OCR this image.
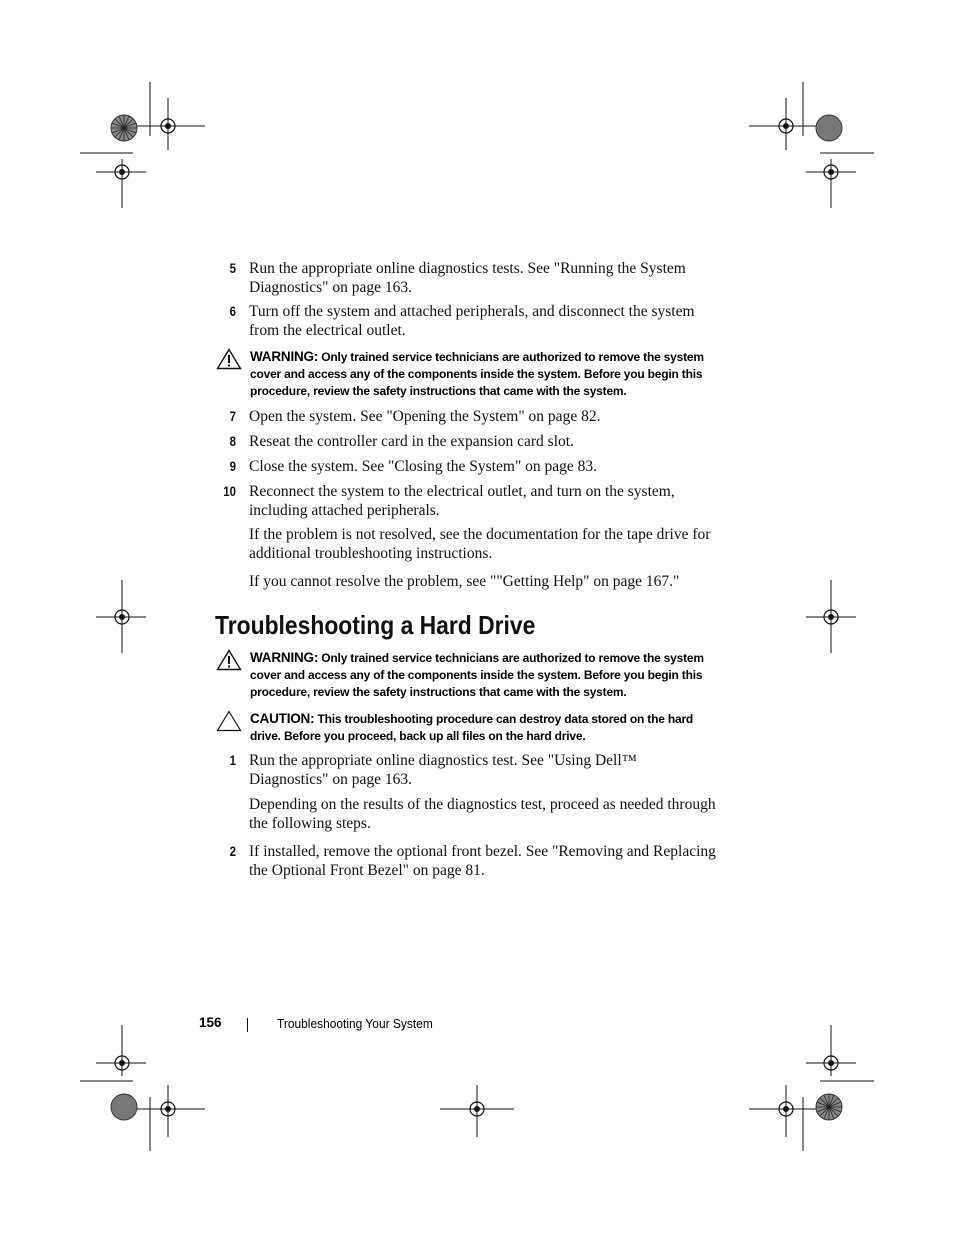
5 Run the appropriate online diagnostics tests. See "Running the System Diagnostics" on page 163.
6 Turn off the system and attached peripherals, and disconnect the system from the electrical outlet.
WARNING: Only trained service technicians are authorized to remove the system cover and access any of the components inside the system. Before you begin this procedure, review the safety instructions that came with the system.
7 Open the system. See "Opening the System" on page 82.
8 Reseat the controller card in the expansion card slot.
9 Close the system. See "Closing the System" on page 83.
10 Reconnect the system to the electrical outlet, and turn on the system, including attached peripherals.
If the problem is not resolved, see the documentation for the tape drive for additional troubleshooting instructions.
If you cannot resolve the problem, see ""Getting Help" on page 167."
Troubleshooting a Hard Drive
WARNING: Only trained service technicians are authorized to remove the system cover and access any of the components inside the system. Before you begin this procedure, review the safety instructions that came with the system.
CAUTION: This troubleshooting procedure can destroy data stored on the hard drive. Before you proceed, back up all files on the hard drive.
1 Run the appropriate online diagnostics test. See "Using Dell™ Diagnostics" on page 163.
Depending on the results of the diagnostics test, proceed as needed through the following steps.
2 If installed, remove the optional front bezel. See "Removing and Replacing the Optional Front Bezel" on page 81.
156	Troubleshooting Your System
